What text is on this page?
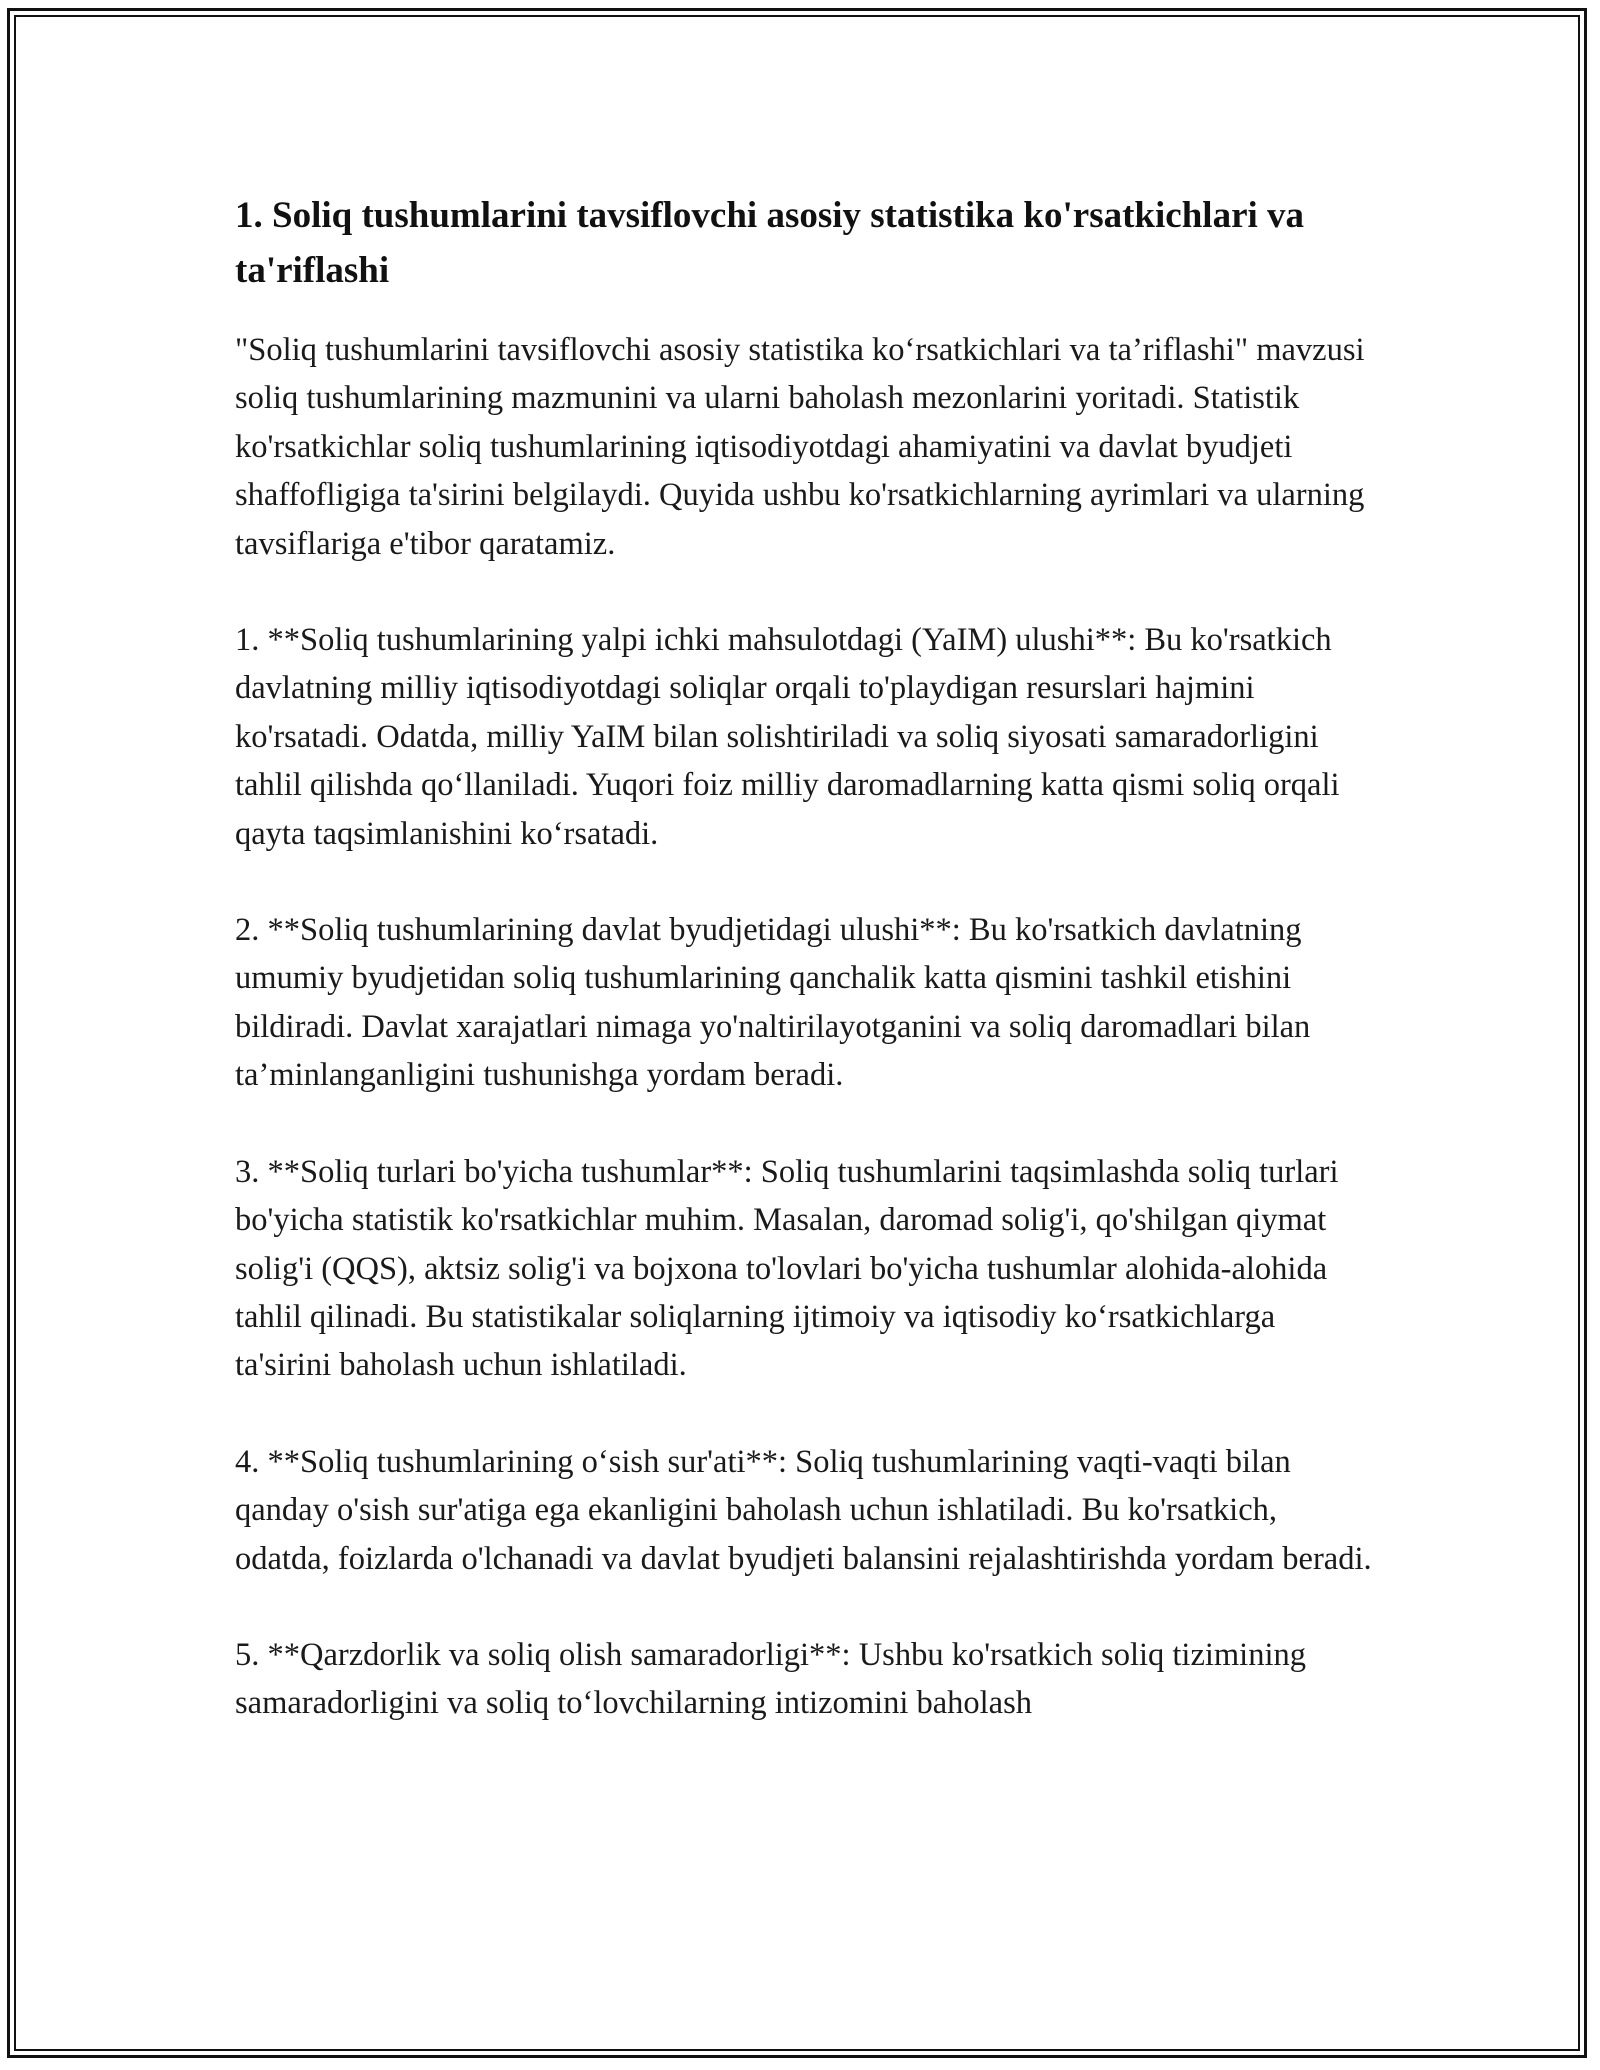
1. Soliq tushumlarini tavsiflovchi asosiy statistika ko'rsatkichlari va ta'riflashi

"Soliq tushumlarini tavsiflovchi asosiy statistika ko‘rsatkichlari va ta’riflashi" mavzusi soliq tushumlarining mazmunini va ularni baholash mezonlarini yoritadi. Statistik ko'rsatkichlar soliq tushumlarining iqtisodiyotdagi ahamiyatini va davlat byudjeti shaffofligiga ta'sirini belgilaydi. Quyida ushbu ko'rsatkichlarning ayrimlari va ularning tavsiflariga e'tibor qaratamiz.

1. **Soliq tushumlarining yalpi ichki mahsulotdagi (YaIM) ulushi**: Bu ko'rsatkich davlatning milliy iqtisodiyotdagi soliqlar orqali to'playdigan resurslari hajmini ko'rsatadi. Odatda, milliy YaIM bilan solishtiriladi va soliq siyosati samaradorligini tahlil qilishda qo‘llaniladi. Yuqori foiz milliy daromadlarning katta qismi soliq orqali qayta taqsimlanishini ko‘rsatadi.

2. **Soliq tushumlarining davlat byudjetidagi ulushi**: Bu ko'rsatkich davlatning umumiy byudjetidan soliq tushumlarining qanchalik katta qismini tashkil etishini bildiradi. Davlat xarajatlari nimaga yo'naltirilayotganini va soliq daromadlari bilan ta’minlanganligini tushunishga yordam beradi.

3. **Soliq turlari bo'yicha tushumlar**: Soliq tushumlarini taqsimlashda soliq turlari bo'yicha statistik ko'rsatkichlar muhim. Masalan, daromad solig'i, qo'shilgan qiymat solig'i (QQS), aktsiz solig'i va bojxona to'lovlari bo'yicha tushumlar alohida-alohida tahlil qilinadi. Bu statistikalar soliqlarning ijtimoiy va iqtisodiy ko‘rsatkichlarga ta'sirini baholash uchun ishlatiladi.

4. **Soliq tushumlarining o‘sish sur'ati**: Soliq tushumlarining vaqti-vaqti bilan qanday o'sish sur'atiga ega ekanligini baholash uchun ishlatiladi. Bu ko'rsatkich, odatda, foizlarda o'lchanadi va davlat byudjeti balansini rejalashtirishda yordam beradi.

5. **Qarzdorlik va soliq olish samaradorligi**: Ushbu ko'rsatkich soliq tizimining samaradorligini va soliq to‘lovchilarning intizomini baholash
